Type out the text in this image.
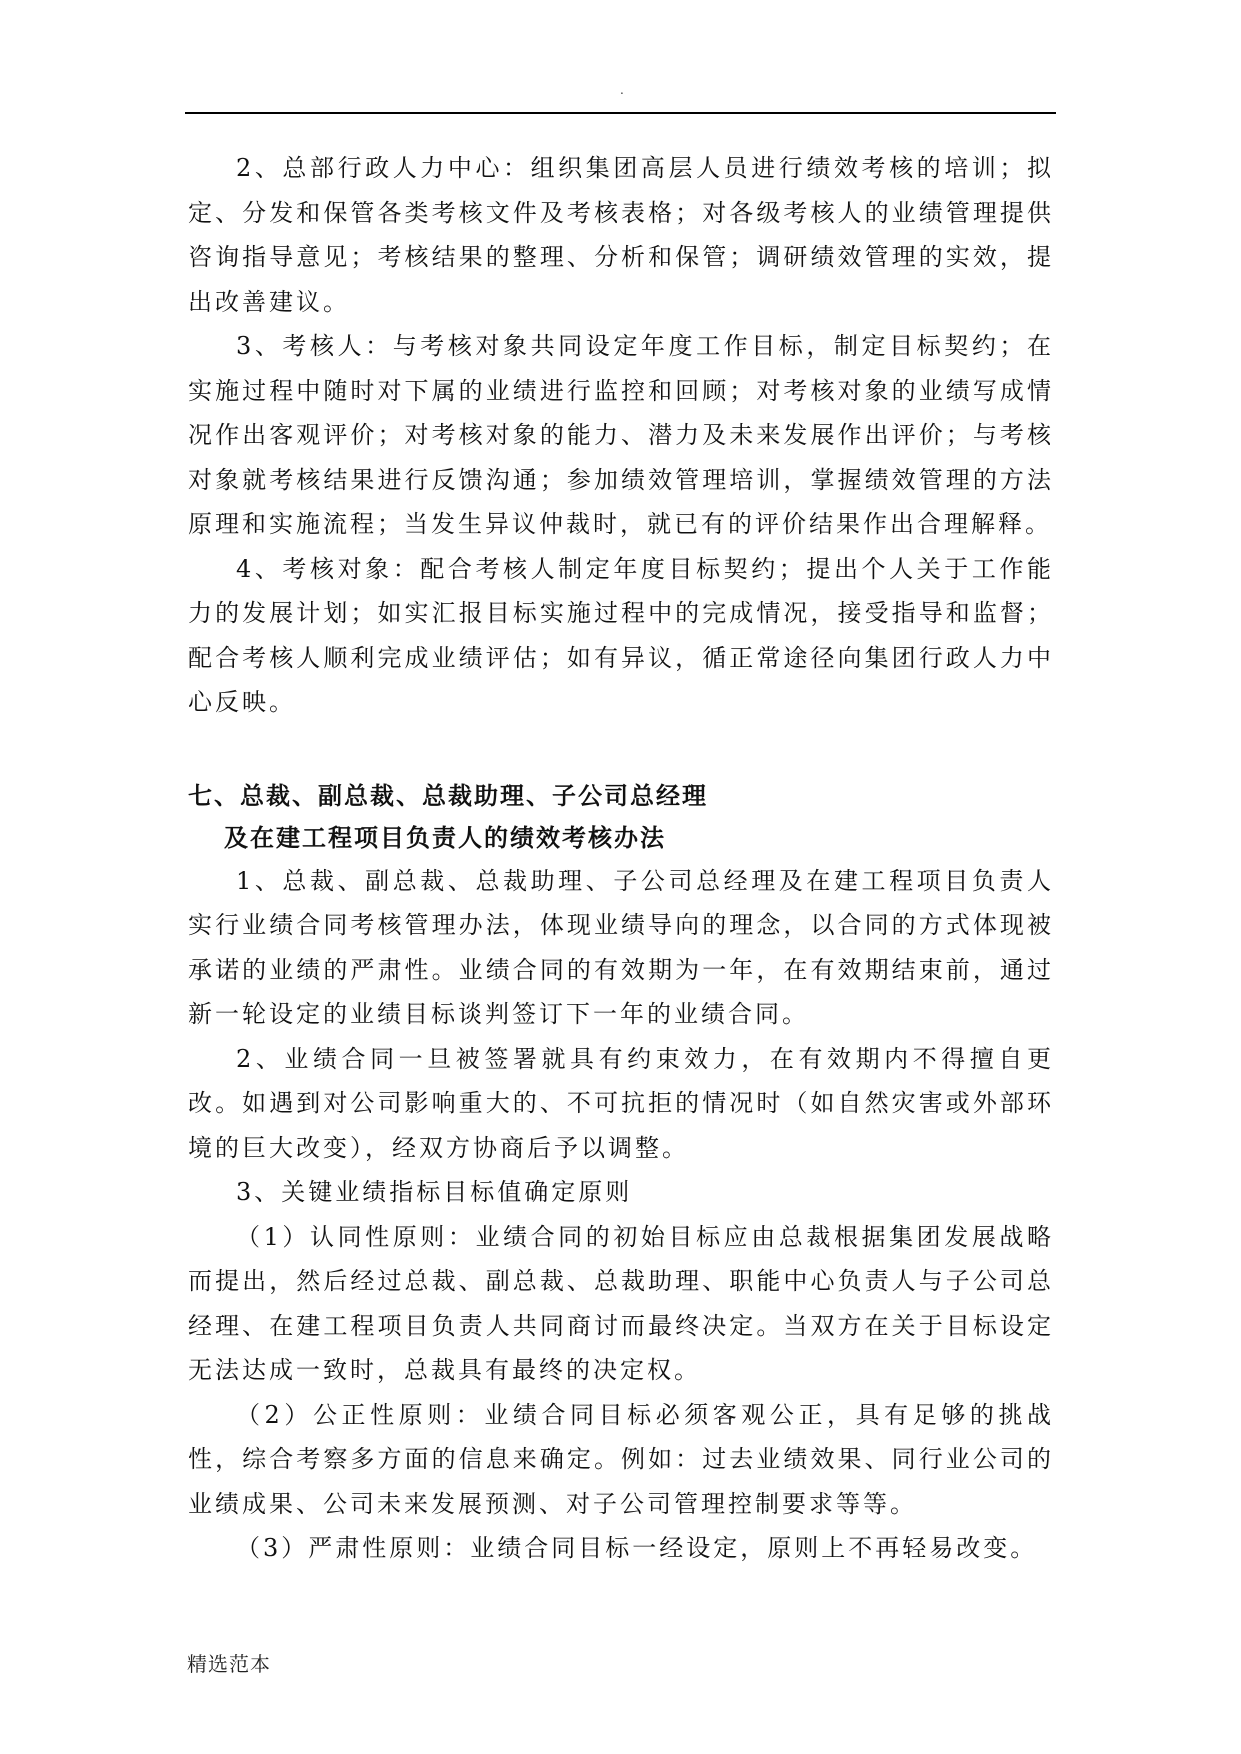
.

2、总部行政人力中心：组织集团高层人员进行绩效考核的培训；拟定、分发和保管各类考核文件及考核表格；对各级考核人的业绩管理提供咨询指导意见；考核结果的整理、分析和保管；调研绩效管理的实效，提出改善建议。

3、考核人：与考核对象共同设定年度工作目标，制定目标契约；在实施过程中随时对下属的业绩进行监控和回顾；对考核对象的业绩写成情况作出客观评价；对考核对象的能力、潜力及未来发展作出评价；与考核对象就考核结果进行反馈沟通；参加绩效管理培训，掌握绩效管理的方法原理和实施流程；当发生异议仲裁时，就已有的评价结果作出合理解释。

4、考核对象：配合考核人制定年度目标契约；提出个人关于工作能力的发展计划；如实汇报目标实施过程中的完成情况，接受指导和监督；配合考核人顺利完成业绩评估；如有异议，循正常途径向集团行政人力中心反映。

七、总裁、副总裁、总裁助理、子公司总经理
及在建工程项目负责人的绩效考核办法

1、总裁、副总裁、总裁助理、子公司总经理及在建工程项目负责人实行业绩合同考核管理办法，体现业绩导向的理念，以合同的方式体现被承诺的业绩的严肃性。业绩合同的有效期为一年，在有效期结束前，通过新一轮设定的业绩目标谈判签订下一年的业绩合同。

2、业绩合同一旦被签署就具有约束效力，在有效期内不得擅自更改。如遇到对公司影响重大的、不可抗拒的情况时（如自然灾害或外部环境的巨大改变），经双方协商后予以调整。

3、关键业绩指标目标值确定原则

（1）认同性原则：业绩合同的初始目标应由总裁根据集团发展战略而提出，然后经过总裁、副总裁、总裁助理、职能中心负责人与子公司总经理、在建工程项目负责人共同商讨而最终决定。当双方在关于目标设定无法达成一致时，总裁具有最终的决定权。

（2）公正性原则：业绩合同目标必须客观公正，具有足够的挑战性，综合考察多方面的信息来确定。例如：过去业绩效果、同行业公司的业绩成果、公司未来发展预测、对子公司管理控制要求等等。

（3）严肃性原则：业绩合同目标一经设定，原则上不再轻易改变。

精选范本
